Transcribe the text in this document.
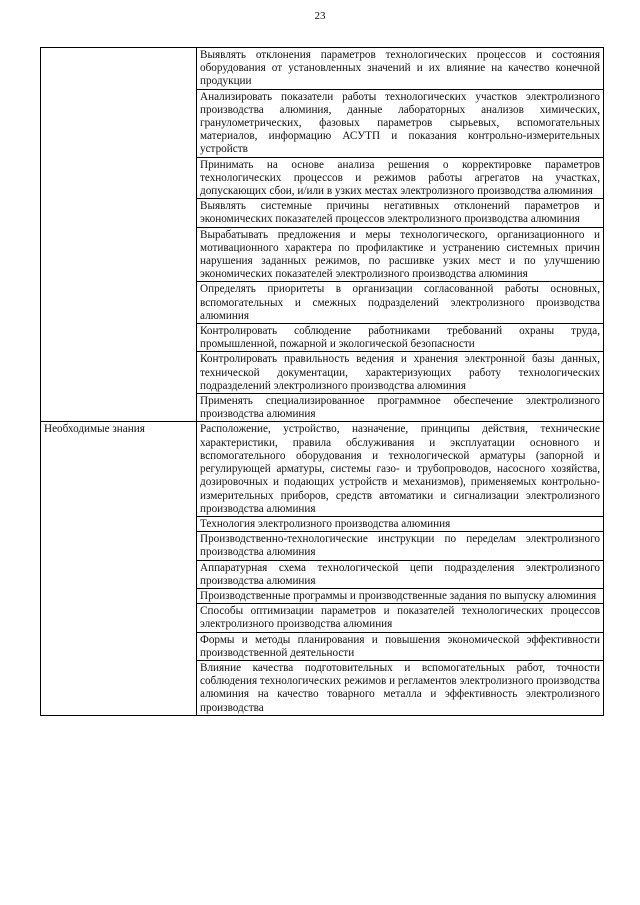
23
	Выявлять отклонения параметров технологических процессов и состояния оборудования от установленных значений и их влияние на качество конечной продукции
	Анализировать показатели работы технологических участков электролизного производства алюминия, данные лабораторных анализов химических, гранулометрических, фазовых параметров сырьевых, вспомогательных материалов, информацию АСУТП и показания контрольно-измерительных устройств
	Принимать на основе анализа решения о корректировке параметров технологических процессов и режимов работы агрегатов на участках, допускающих сбои, и/или в узких местах электролизного производства алюминия
	Выявлять системные причины негативных отклонений параметров и экономических показателей процессов электролизного производства алюминия
	Вырабатывать предложения и меры технологического, организационного и мотивационного характера по профилактике и устранению системных причин нарушения заданных режимов, по расшивке узких мест и по улучшению экономических показателей электролизного производства алюминия
	Определять приоритеты в организации согласованной работы основных, вспомогательных и смежных подразделений электролизного производства алюминия
	Контролировать соблюдение работниками требований охраны труда, промышленной, пожарной и экологической безопасности
	Контролировать правильность ведения и хранения электронной базы данных, технической документации, характеризующих работу технологических подразделений электролизного производства алюминия
	Применять специализированное программное обеспечение электролизного производства алюминия
Необходимые знания	Расположение, устройство, назначение, принципы действия, технические характеристики, правила обслуживания и эксплуатации основного и вспомогательного оборудования и технологической арматуры (запорной и регулирующей арматуры, системы газо- и трубопроводов, насосного хозяйства, дозировочных и подающих устройств и механизмов), применяемых контрольно-измерительных приборов, средств автоматики и сигнализации электролизного производства алюминия
	Технология электролизного производства алюминия
	Производственно-технологические инструкции по переделам электролизного производства алюминия
	Аппаратурная схема технологической цепи подразделения электролизного производства алюминия
	Производственные программы и производственные задания по выпуску алюминия
	Способы оптимизации параметров и показателей технологических процессов электролизного производства алюминия
	Формы и методы планирования и повышения экономической эффективности производственной деятельности
	Влияние качества подготовительных и вспомогательных работ, точности соблюдения технологических режимов и регламентов электролизного производства алюминия на качество товарного металла и эффективность электролизного производства
